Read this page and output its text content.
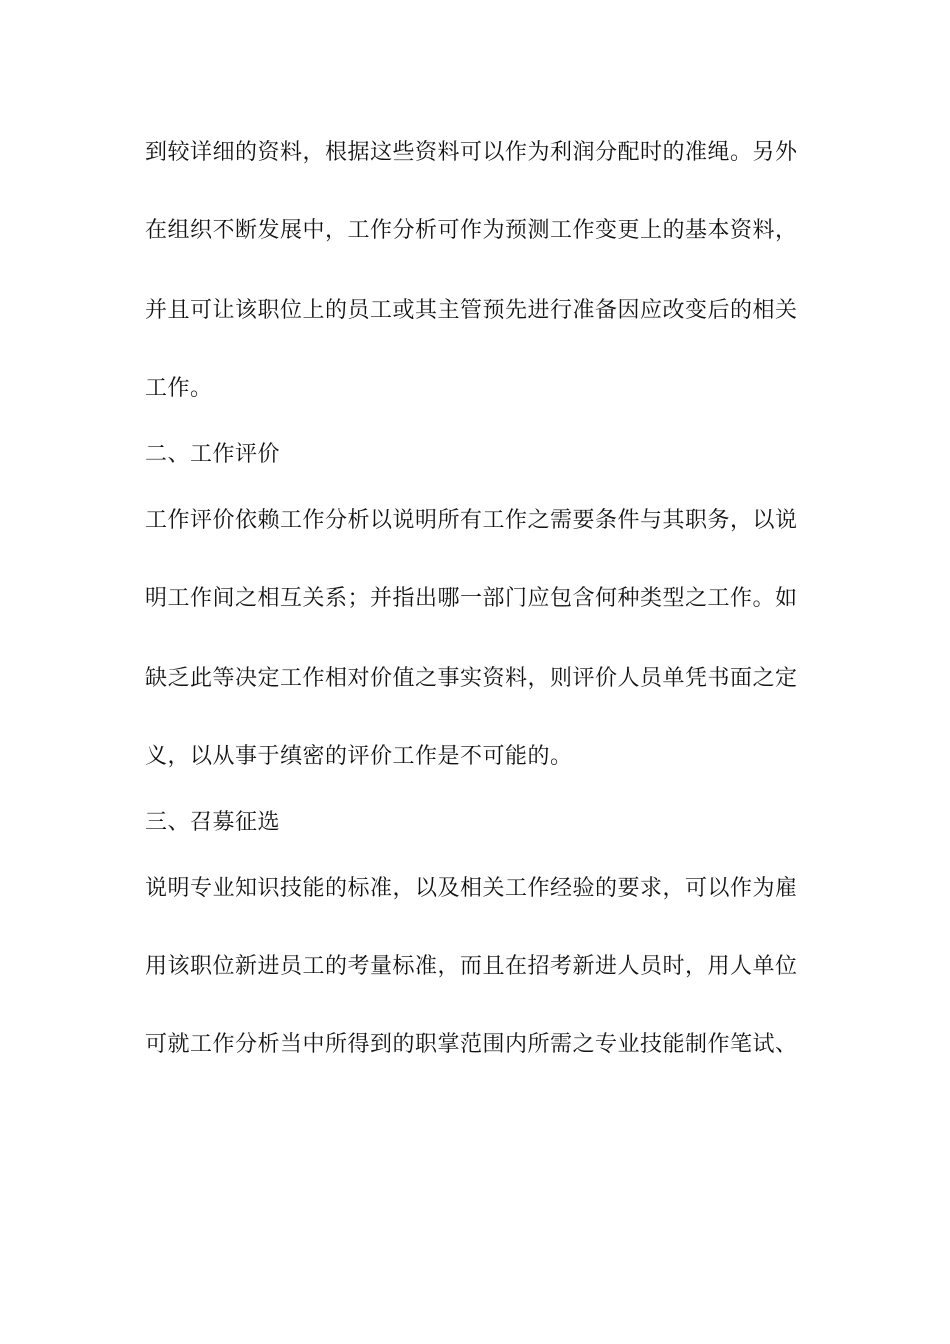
到较详细的资料，根据这些资料可以作为利润分配时的准绳。另外
在组织不断发展中，工作分析可作为预测工作变更上的基本资料，
并且可让该职位上的员工或其主管预先进行准备因应改变后的相关
工作。
二、工作评价
工作评价依赖工作分析以说明所有工作之需要条件与其职务，以说
明工作间之相互关系；并指出哪一部门应包含何种类型之工作。如
缺乏此等决定工作相对价值之事实资料，则评价人员单凭书面之定
义，以从事于缜密的评价工作是不可能的。
三、召募征选
说明专业知识技能的标准，以及相关工作经验的要求，可以作为雇
用该职位新进员工的考量标准，而且在招考新进人员时，用人单位
可就工作分析当中所得到的职掌范围内所需之专业技能制作笔试、
